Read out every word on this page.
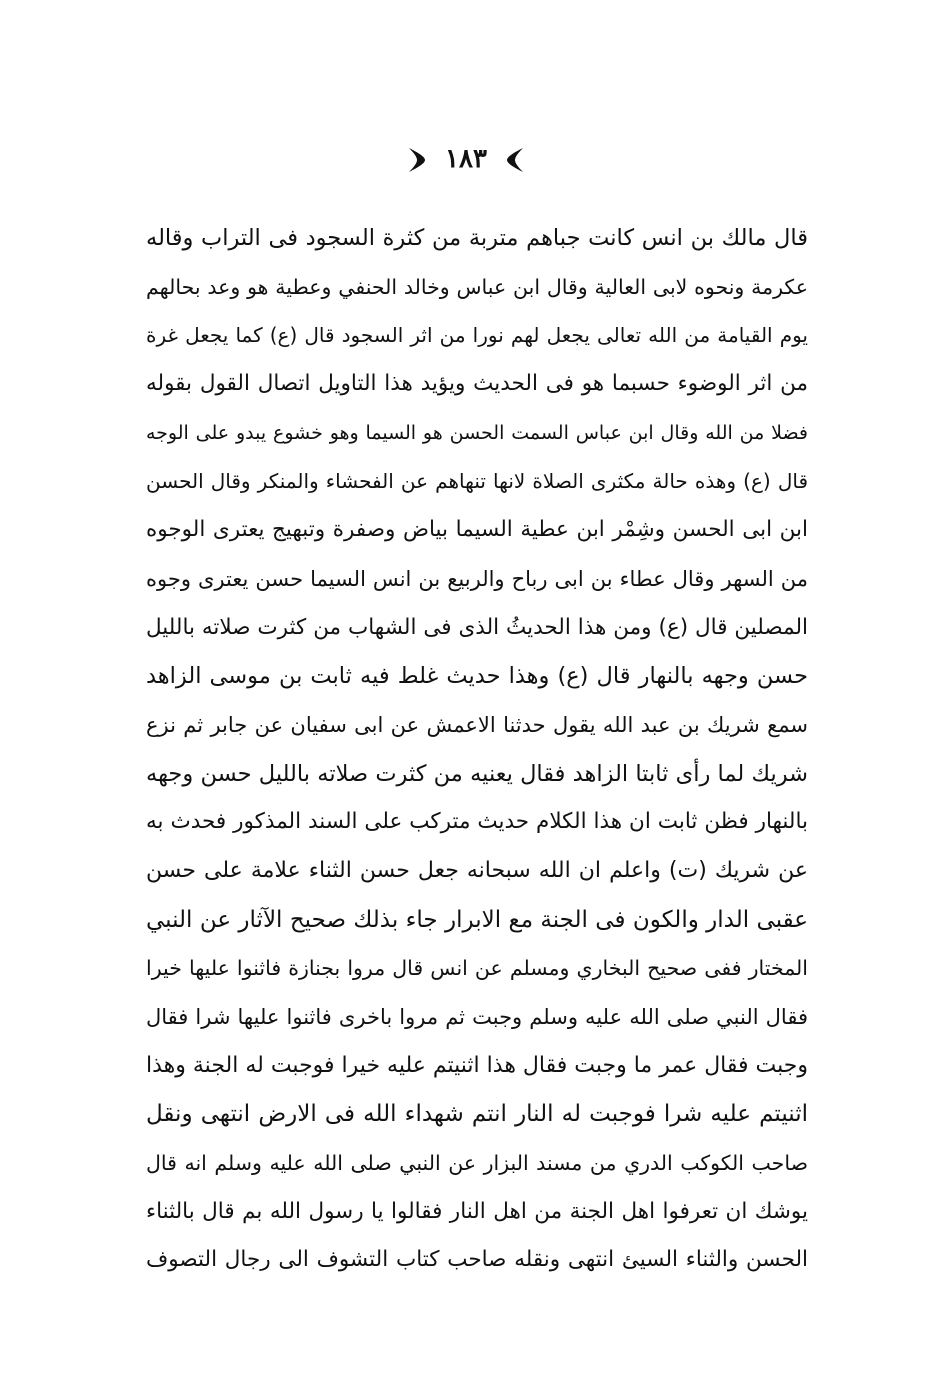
١٨٣
قال مالك بن انس كانت جباهم متربة من كثرة السجود فى التراب وقاله
عكرمة ونحوه لابى العالية وقال ابن عباس وخالد الحنفي وعطية هو وعد بحالهم
يوم القيامة من الله تعالى يجعل لهم نورا من اثر السجود قال (ع) كما يجعل غرة
من اثر الوضوء حسبما هو فى الحديث ويؤيد هذا التاويل اتصال القول بقوله
فضلا من الله وقال ابن عباس السمت الحسن هو السيما وهو خشوع يبدو على الوجه
قال (ع) وهذه حالة مكثرى الصلاة لانها تنهاهم عن الفحشاء والمنكر وقال الحسن
ابن ابى الحسن وشِمْر ابن عطية السيما بياض وصفرة وتبهيج يعترى الوجوه
من السهر وقال عطاء بن ابى رباح والربيع بن انس السيما حسن يعترى وجوه
المصلين قال (ع) ومن هذا الحديثُ الذى فى الشهاب من كثرت صلاته بالليل
حسن وجهه بالنهار قال (ع) وهذا حديث غلط فيه ثابت بن موسى الزاهد
سمع شريك بن عبد الله يقول حدثنا الاعمش عن ابى سفيان عن جابر ثم نزع
شريك لما رأى ثابتا الزاهد فقال يعنيه من كثرت صلاته بالليل حسن وجهه
بالنهار فظن ثابت ان هذا الكلام حديث متركب على السند المذكور فحدث به
عن شريك (ت) واعلم ان الله سبحانه جعل حسن الثناء علامة على حسن
عقبى الدار والكون فى الجنة مع الابرار جاء بذلك صحيح الآثار عن النبي
المختار ففى صحيح البخاري ومسلم عن انس قال مروا بجنازة فاثنوا عليها خيرا
فقال النبي صلى الله عليه وسلم وجبت ثم مروا باخرى فاثنوا عليها شرا فقال
وجبت فقال عمر ما وجبت فقال هذا اثنيتم عليه خيرا فوجبت له الجنة وهذا
اثنيتم عليه شرا فوجبت له النار انتم شهداء الله فى الارض انتهى ونقل
صاحب الكوكب الدري من مسند البزار عن النبي صلى الله عليه وسلم انه قال
يوشك ان تعرفوا اهل الجنة من اهل النار فقالوا يا رسول الله بم قال بالثناء
الحسن والثناء السيئ انتهى ونقله صاحب كتاب التشوف الى رجال التصوف
